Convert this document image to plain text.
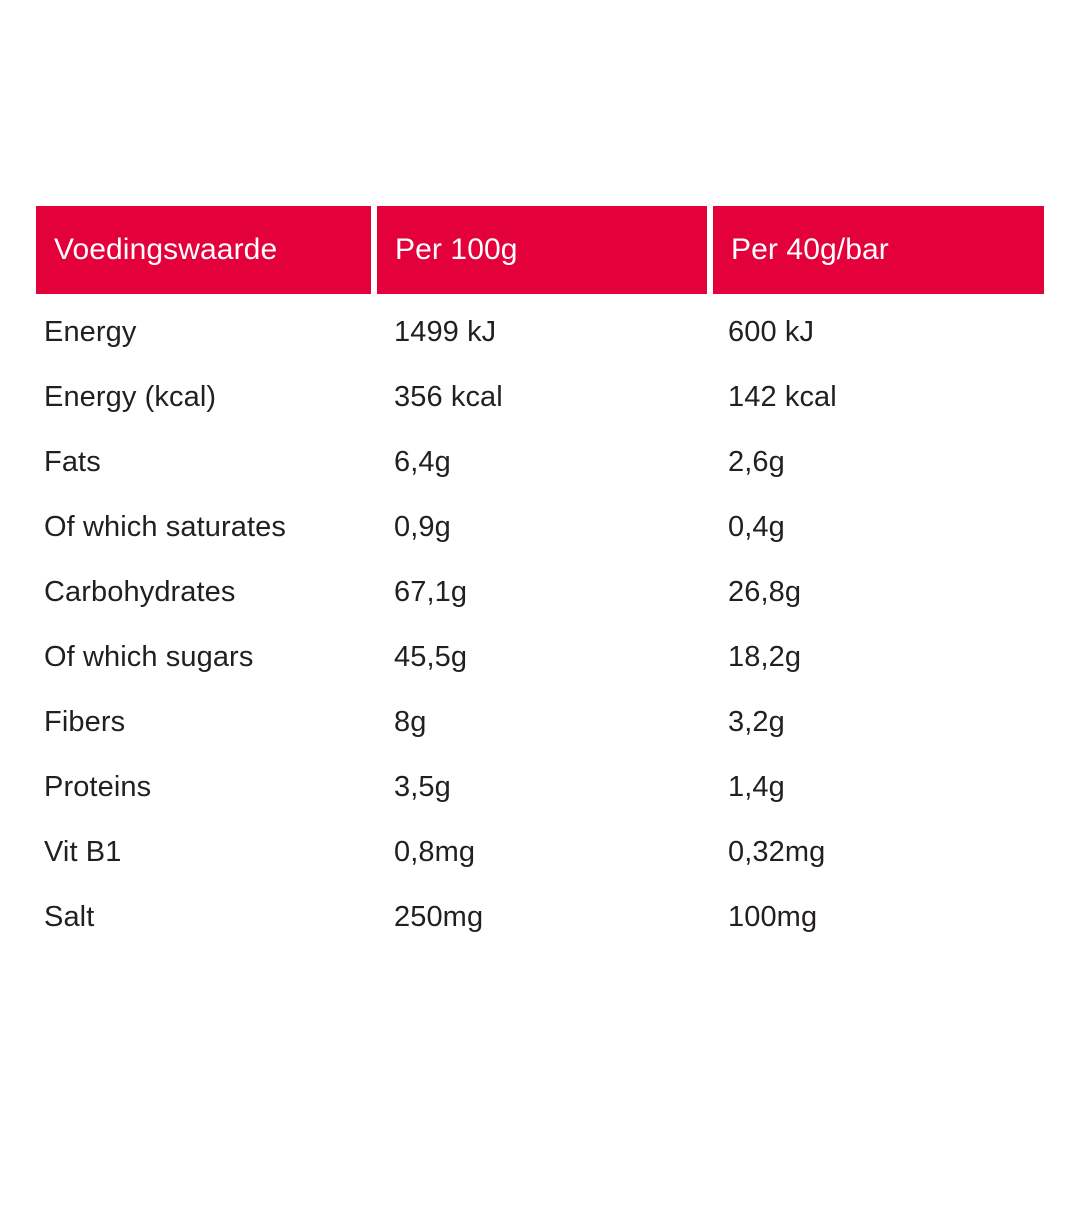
Voedingswaarde	Per 100g	Per 40g/bar
Energy	1499 kJ	600 kJ
Energy (kcal)	356 kcal	142 kcal
Fats	6,4g	2,6g
Of which saturates	0,9g	0,4g
Carbohydrates	67,1g	26,8g
Of which sugars	45,5g	18,2g
Fibers	8g	3,2g
Proteins	3,5g	1,4g
Vit B1	0,8mg	0,32mg
Salt	250mg	100mg
